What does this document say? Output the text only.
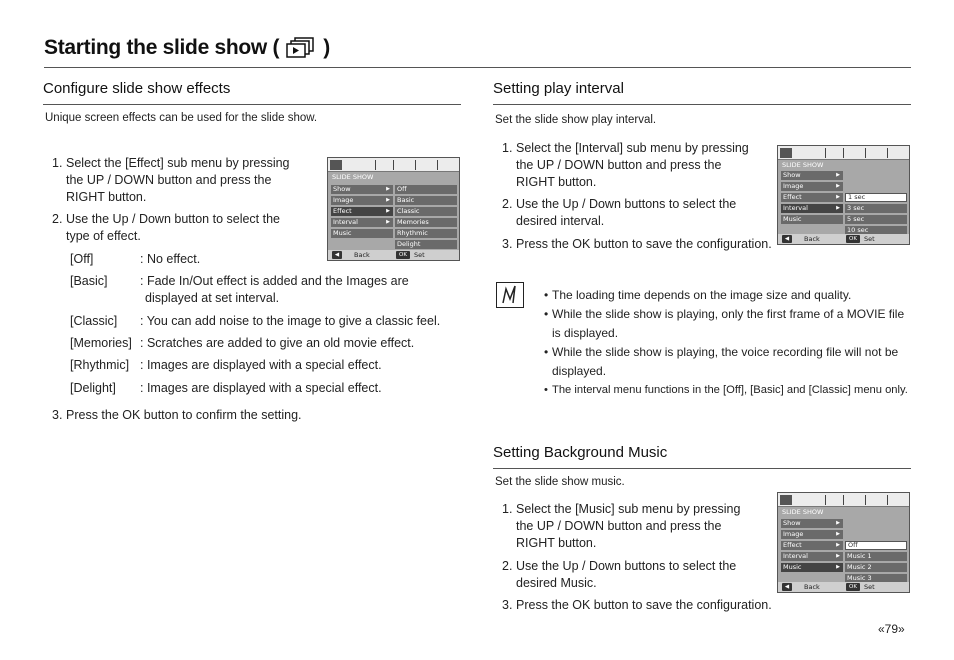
Starting the slide show ( )
Configure slide show effects
Unique screen effects can be used for the slide show.
1. Select the [Effect] sub menu by pressing
the UP / DOWN button and press the
RIGHT button.
2. Use the Up / Down button to select the
type of effect.
[Off]	: No effect.
[Basic]	: Fade In/Out effect is added and the Images are
displayed at set interval.
[Classic] : You can add noise to the image to give a classic feel.
[Memories] : Scratches are added to give an old movie effect.
[Rhythmic] : Images are displayed with a special effect.
[Delight] : Images are displayed with a special effect.
3. Press the OK button to confirm the setting.
SLIDE SHOW
Show	▶
Image	▶
Effect	▶
Interval	▶
Music
Off
Basic
Classic
Memories
Rhythmic
Delight
◀	Back	OK	Set
Setting play interval
Set the slide show play interval.
1. Select the [Interval] sub menu by pressing
the UP / DOWN button and press the
RIGHT button.
2. Use the Up / Down buttons to select the
desired interval.
3. Press the OK button to save the configuration.
SLIDE SHOW
Show	▶
Image	▶
Effect	▶
Interval	▶
Music
1 sec
3 sec
5 sec
10 sec
◀	Back	OK	Set
• The loading time depends on the image size and quality.
• While the slide show is playing, only the first frame of a MOVIE file
is displayed.
• While the slide show is playing, the voice recording file will not be
displayed.
• The interval menu functions in the [Off], [Basic] and [Classic] menu only.
Setting Background Music
Set the slide show music.
1. Select the [Music] sub menu by pressing
the UP / DOWN button and press the
RIGHT button.
2. Use the Up / Down buttons to select the
desired Music.
3. Press the OK button to save the configuration.
SLIDE SHOW
Show	▶
Image	▶
Effect	▶
Interval	▶
Music	▶
Off
Music 1
Music 2
Music 3
◀	Back	OK	Set
«79»
